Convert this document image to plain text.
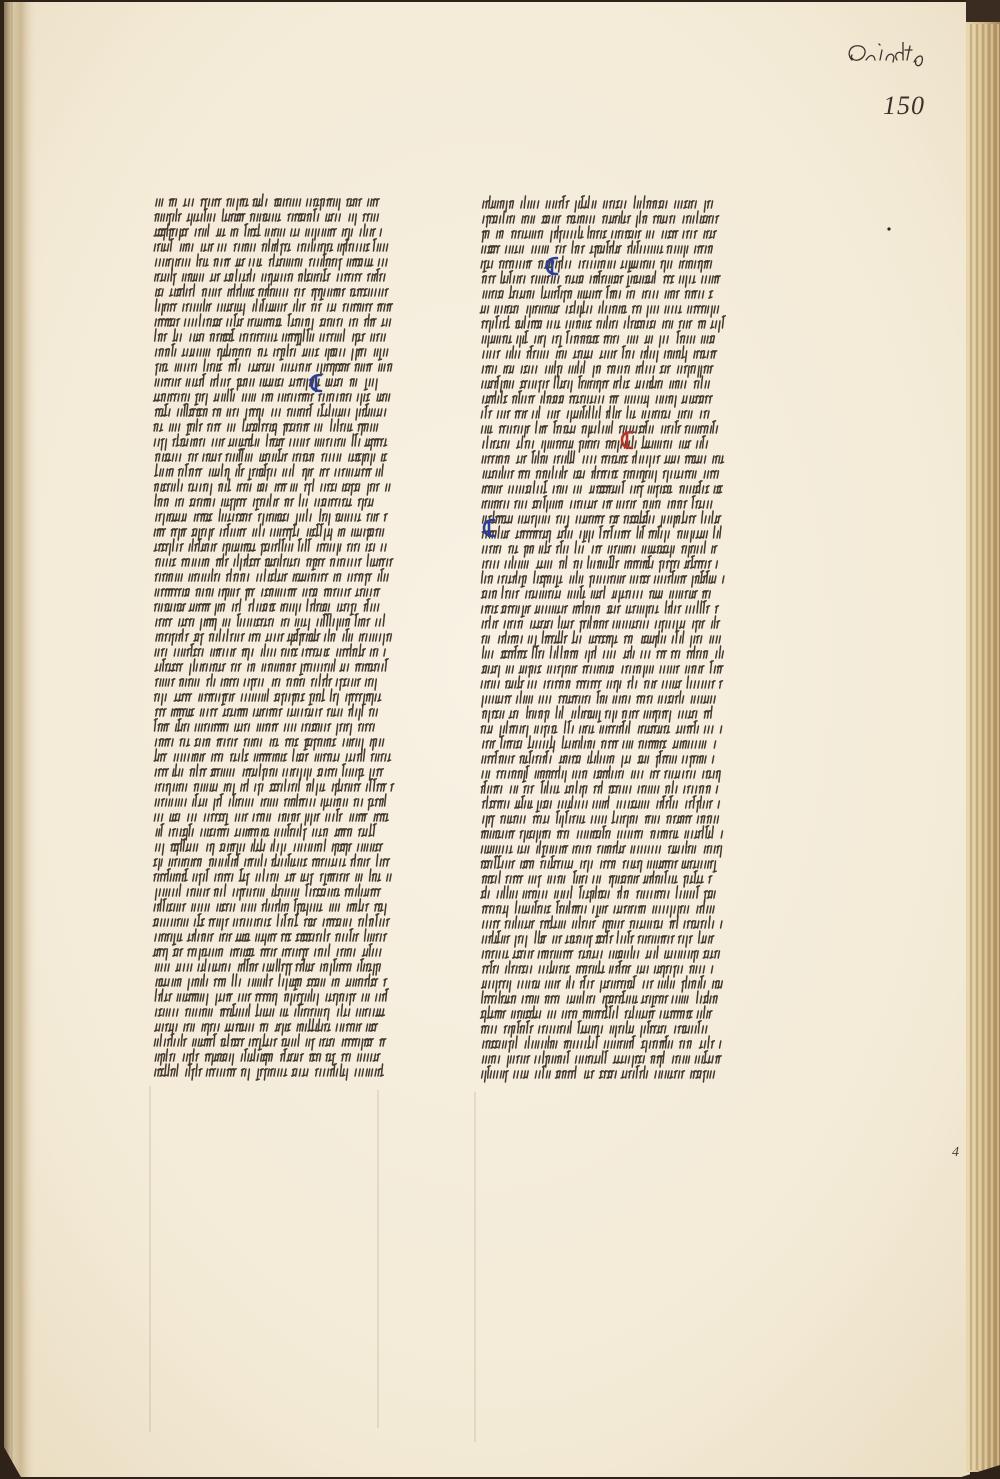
150
4
